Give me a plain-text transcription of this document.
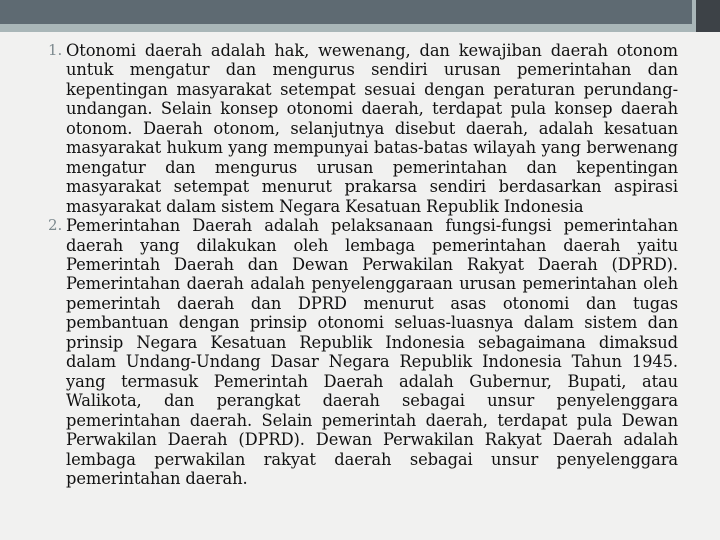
1. Otonomi daerah adalah hak, wewenang, dan kewajiban daerah otonom untuk mengatur dan mengurus sendiri urusan pemerintahan dan kepentingan masyarakat setempat sesuai dengan peraturan perundang-undangan. Selain konsep otonomi daerah, terdapat pula konsep daerah otonom. Daerah otonom, selanjutnya disebut daerah, adalah kesatuan masyarakat hukum yang mempunyai batas-batas wilayah yang berwenang mengatur dan mengurus urusan pemerintahan dan kepentingan masyarakat setempat menurut prakarsa sendiri berdasarkan aspirasi masyarakat dalam sistem Negara Kesatuan Republik Indonesia
2. Pemerintahan Daerah adalah pelaksanaan fungsi-fungsi pemerintahan daerah yang dilakukan oleh lembaga pemerintahan daerah yaitu Pemerintah Daerah dan Dewan Perwakilan Rakyat Daerah (DPRD). Pemerintahan daerah adalah penyelenggaraan urusan pemerintahan oleh pemerintah daerah dan DPRD menurut asas otonomi dan tugas pembantuan dengan prinsip otonomi seluas-luasnya dalam sistem dan prinsip Negara Kesatuan Republik Indonesia sebagaimana dimaksud dalam Undang-Undang Dasar Negara Republik Indonesia Tahun 1945. yang termasuk Pemerintah Daerah adalah Gubernur, Bupati, atau Walikota, dan perangkat daerah sebagai unsur penyelenggara pemerintahan daerah. Selain pemerintah daerah, terdapat pula Dewan Perwakilan Daerah (DPRD). Dewan Perwakilan Rakyat Daerah adalah lembaga perwakilan rakyat daerah sebagai unsur penyelenggara pemerintahan daerah.
